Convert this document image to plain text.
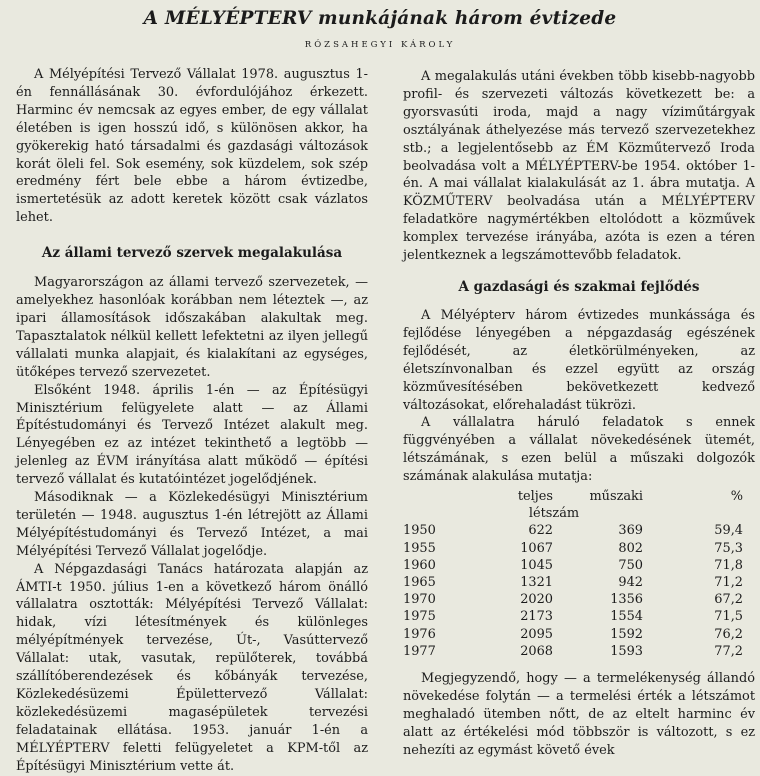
A MÉLYÉPTERV munkájának három évtizede
RÓZSAHEGYI KÁROLY

A Mélyépítési Tervező Vállalat 1978. augusztus 1-én fennállásának 30. évfordulójához érkezett. Harminc év nemcsak az egyes ember, de egy vállalat életében is igen hosszú idő, s különösen akkor, ha gyökerekig ható társadalmi és gazdasági változások korát öleli fel. Sok esemény, sok küzdelem, sok szép eredmény fért bele ebbe a három évtizedbe, ismertetésük az adott keretek között csak vázlatos lehet.

Az állami tervező szervek megalakulása

Magyarországon az állami tervező szervezetek, — amelyekhez hasonlóak korábban nem léteztek —, az ipari államosítások időszakában alakultak meg. Tapasztalatok nélkül kellett lefektetni az ilyen jellegű vállalati munka alapjait, és kialakítani az egységes, ütőképes tervező szervezetet.

Elsőként 1948. április 1-én — az Építésügyi Minisztérium felügyelete alatt — az Állami Építéstudományi és Tervező Intézet alakult meg. Lényegében ez az intézet tekinthető a legtöbb — jelenleg az ÉVM irányítása alatt működő — építési tervező vállalat és kutatóintézet jogelődjének.

Másodiknak — a Közlekedésügyi Minisztérium területén — 1948. augusztus 1-én létrejött az Állami Mélyépítéstudományi és Tervező Intézet, a mai Mélyépítési Tervező Vállalat jogelődje.

A Népgazdasági Tanács határozata alapján az ÁMTI-t 1950. július 1-en a következő három önálló vállalatra osztották: Mélyépítési Tervező Vállalat: hidak, vízi létesítmények és különleges mélyépítmények tervezése, Út-, Vasúttervező Vállalat: utak, vasutak, repülőterek, továbbá szállítóberendezések és kőbányák tervezése, Közlekedésüzemi Épülettervező Vállalat: közlekedésüzemi magasépületek tervezési feladatainak ellátása. 1953. január 1-én a MÉLYÉPTERV feletti felügyeletet a KPM-től az Építésügyi Minisztérium vette át.

A megalakulás utáni években több kisebb-nagyobb profil- és szervezeti változás következett be: a gyorsvasúti iroda, majd a nagy víziműtárgyak osztályának áthelyezése más tervező szervezetekhez stb.; a legjelentősebb az ÉM Közműtervező Iroda beolvadása volt a MÉLYÉPTERV-be 1954. október 1-én. A mai vállalat kialakulását az 1. ábra mutatja. A KÖZMŰTERV beolvadása után a MÉLYÉPTERV feladatköre nagymértékben eltolódott a közművek komplex tervezése irányába, azóta is ezen a téren jelentkeznek a legszámottevőbb feladatok.

A gazdasági és szakmai fejlődés

A Mélyépterv három évtizedes munkássága és fejlődése lényegében a népgazdaság egészének fejlődését, az életkörülményeken, az életszínvonalban és ezzel együtt az ország közművesítésében bekövetkezett kedvező változásokat, előrehaladást tükrözi.

A vállalatra háruló feladatok s ennek függvényében a vállalat növekedésének ütemét, létszámának, s ezen belül a műszaki dolgozók számának alakulása mutatja:

	teljes	műszaki	%
	létszám		
1950	622	369	59,4
1955	1067	802	75,3
1960	1045	750	71,8
1965	1321	942	71,2
1970	2020	1356	67,2
1975	2173	1554	71,5
1976	2095	1592	76,2
1977	2068	1593	77,2

Megjegyzendő, hogy — a termelékenység állandó növekedése folytán — a termelési érték a létszámot meghaladó ütemben nőtt, de az eltelt harminc év alatt az értékelési mód többször is változott, s ez nehezíti az egymást követő évek
